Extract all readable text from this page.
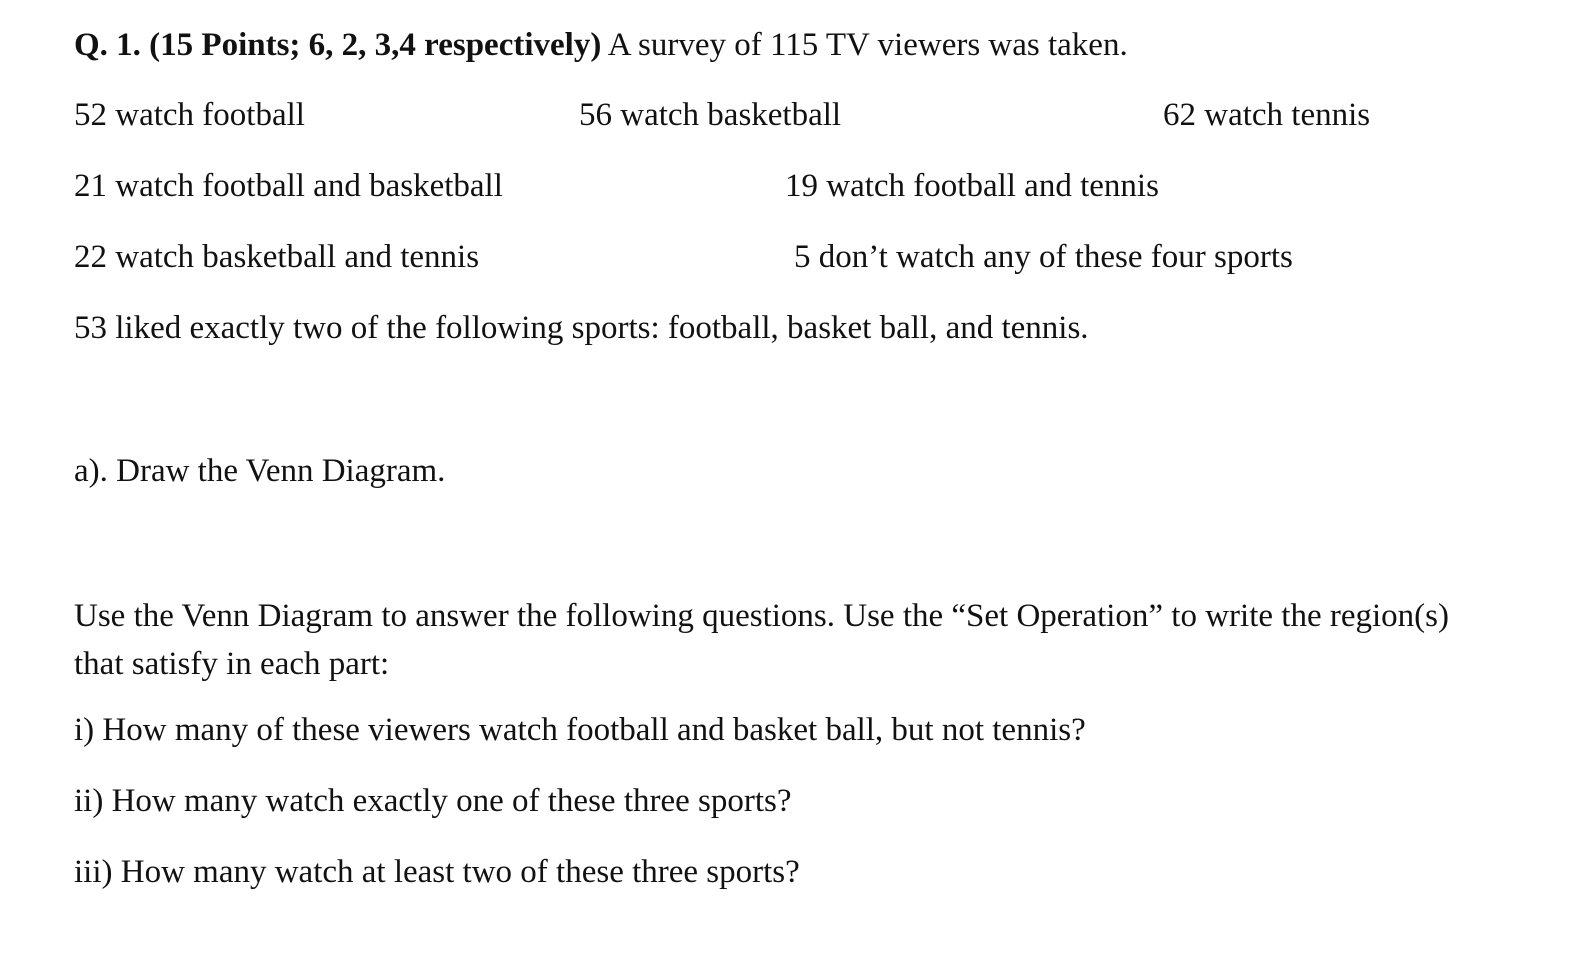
Q. 1. (15 Points; 6, 2, 3,4 respectively) A survey of 115 TV viewers was taken.
52 watch football	56 watch basketball	62 watch tennis
21 watch football and basketball	19 watch football and tennis
22 watch basketball and tennis	5 don’t watch any of these four sports
53 liked exactly two of the following sports: football, basket ball, and tennis.
a). Draw the Venn Diagram.
Use the Venn Diagram to answer the following questions. Use the “Set Operation” to write the region(s) that satisfy in each part:
i) How many of these viewers watch football and basket ball, but not tennis?
ii) How many watch exactly one of these three sports?
iii) How many watch at least two of these three sports?
